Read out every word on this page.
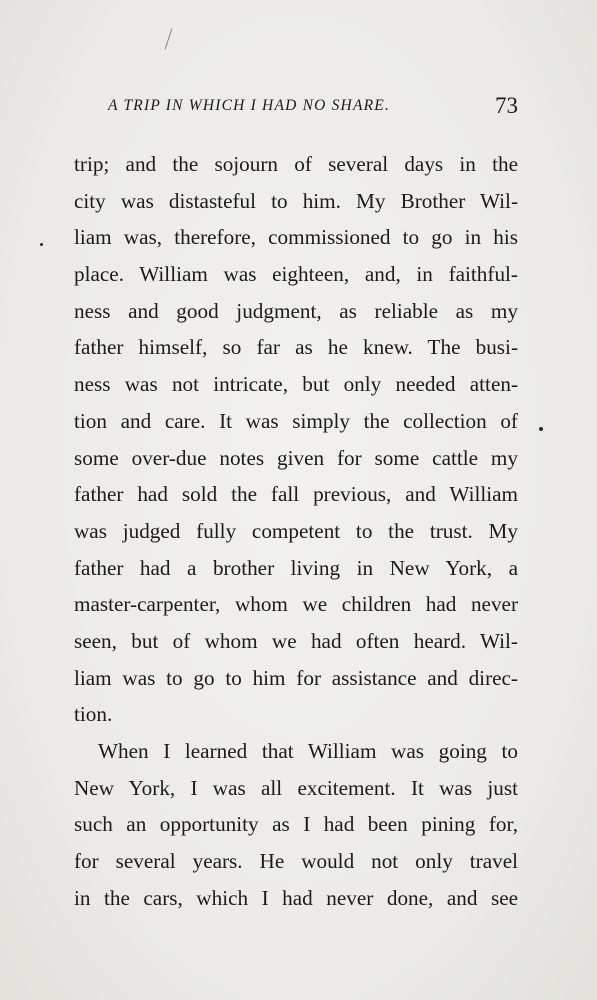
A TRIP IN WHICH I HAD NO SHARE.	73
trip; and the sojourn of several days in the
city was distasteful to him. My Brother Wil-
liam was, therefore, commissioned to go in his
place. William was eighteen, and, in faithful-
ness and good judgment, as reliable as my
father himself, so far as he knew. The busi-
ness was not intricate, but only needed atten-
tion and care. It was simply the collection of
some over-due notes given for some cattle my
father had sold the fall previous, and William
was judged fully competent to the trust. My
father had a brother living in New York, a
master-carpenter, whom we children had never
seen, but of whom we had often heard. Wil-
liam was to go to him for assistance and direc-
tion.
When I learned that William was going to
New York, I was all excitement. It was just
such an opportunity as I had been pining for,
for several years. He would not only travel
in the cars, which I had never done, and see
